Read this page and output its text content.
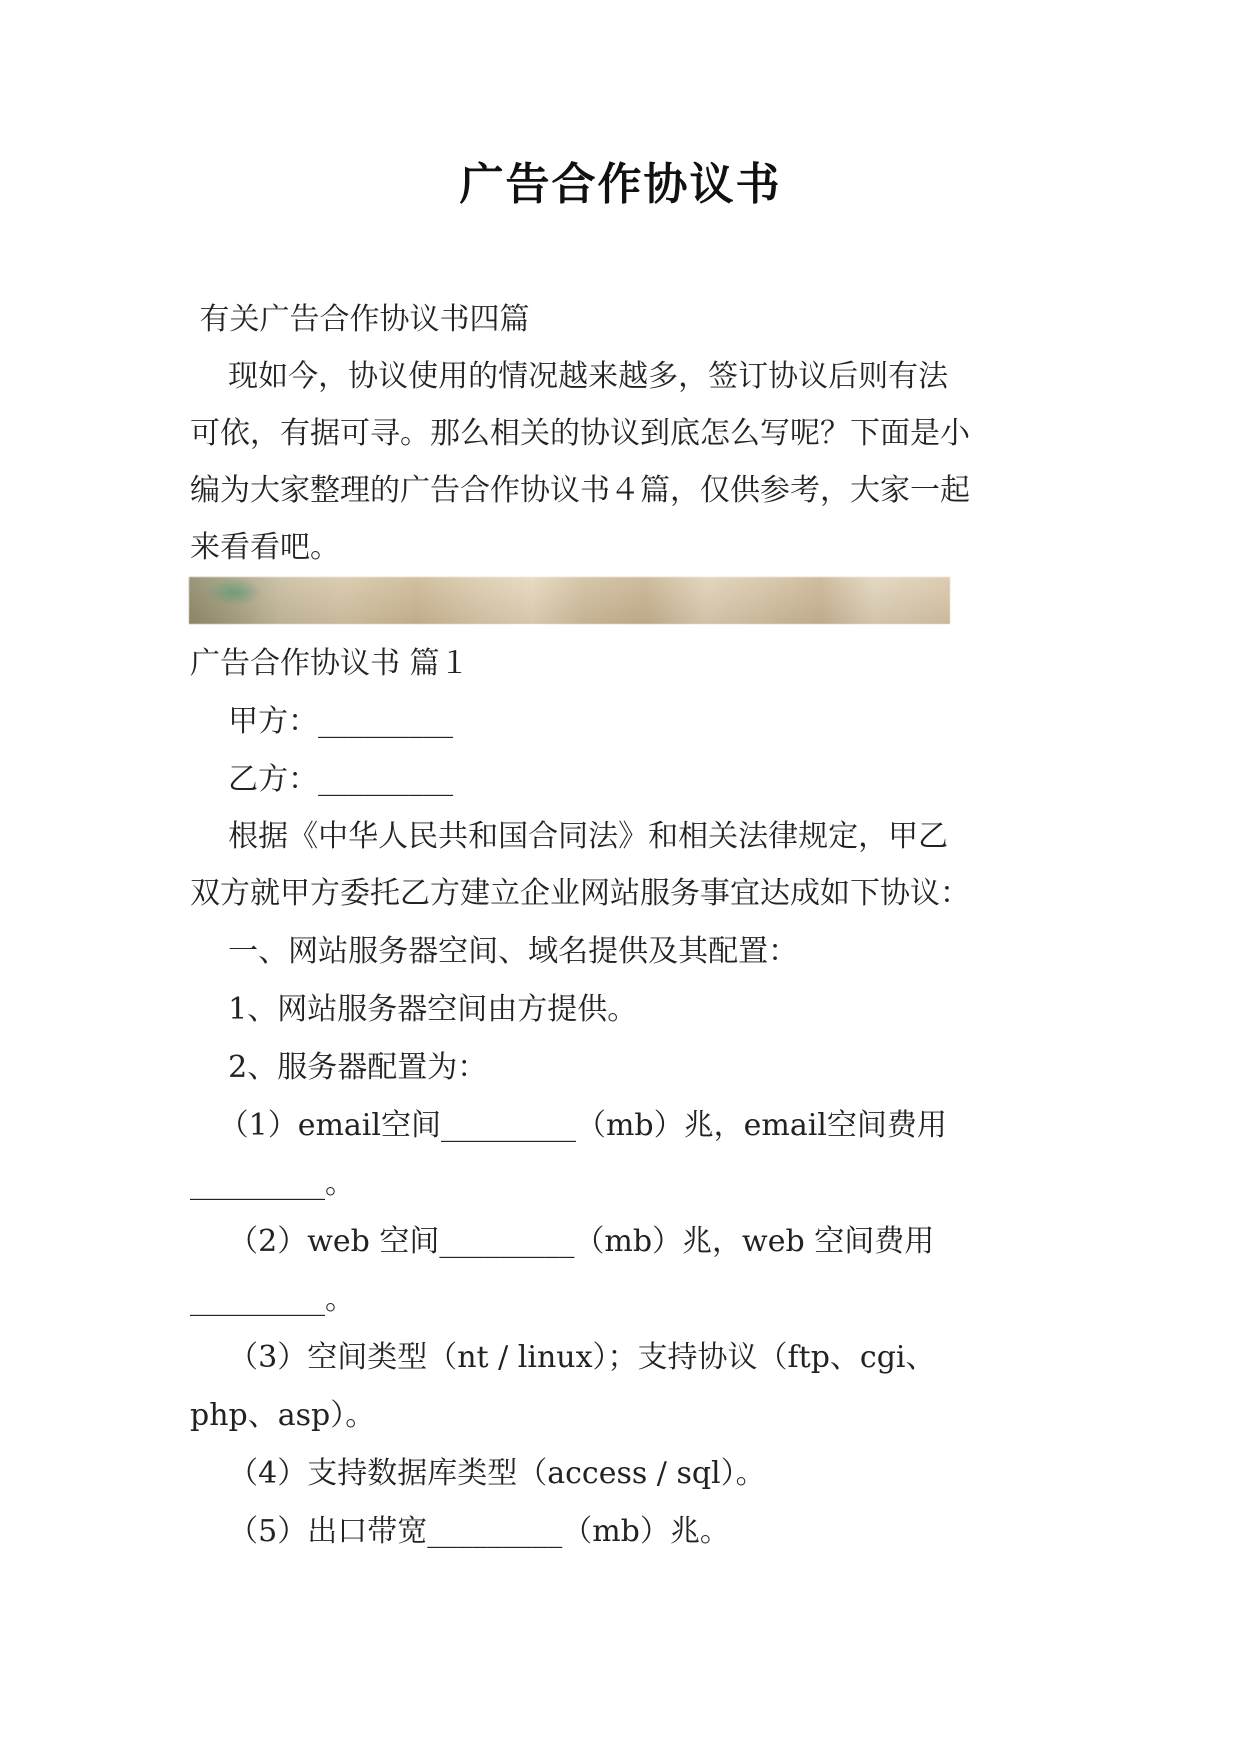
广告合作协议书
有关广告合作协议书四篇
现如今，协议使用的情况越来越多，签订协议后则有法
可依，有据可寻。那么相关的协议到底怎么写呢？下面是小
编为大家整理的广告合作协议书４篇，仅供参考，大家一起
来看看吧。
广告合作协议书 篇１
甲方：_________
乙方：_________
根据《中华人民共和国合同法》和相关法律规定，甲乙
双方就甲方委托乙方建立企业网站服务事宜达成如下协议：
一、网站服务器空间、域名提供及其配置：
1、网站服务器空间由方提供。
2、服务器配置为：
（1）email空间_________（mb）兆，email空间费用
_________。
（2）web 空间_________（mb）兆，web 空间费用
_________。
（3）空间类型（nt / linux）；支持协议（ftp、cgi、
php、asp）。
（4）支持数据库类型（access / sql）。
（5）出口带宽_________（mb）兆。
